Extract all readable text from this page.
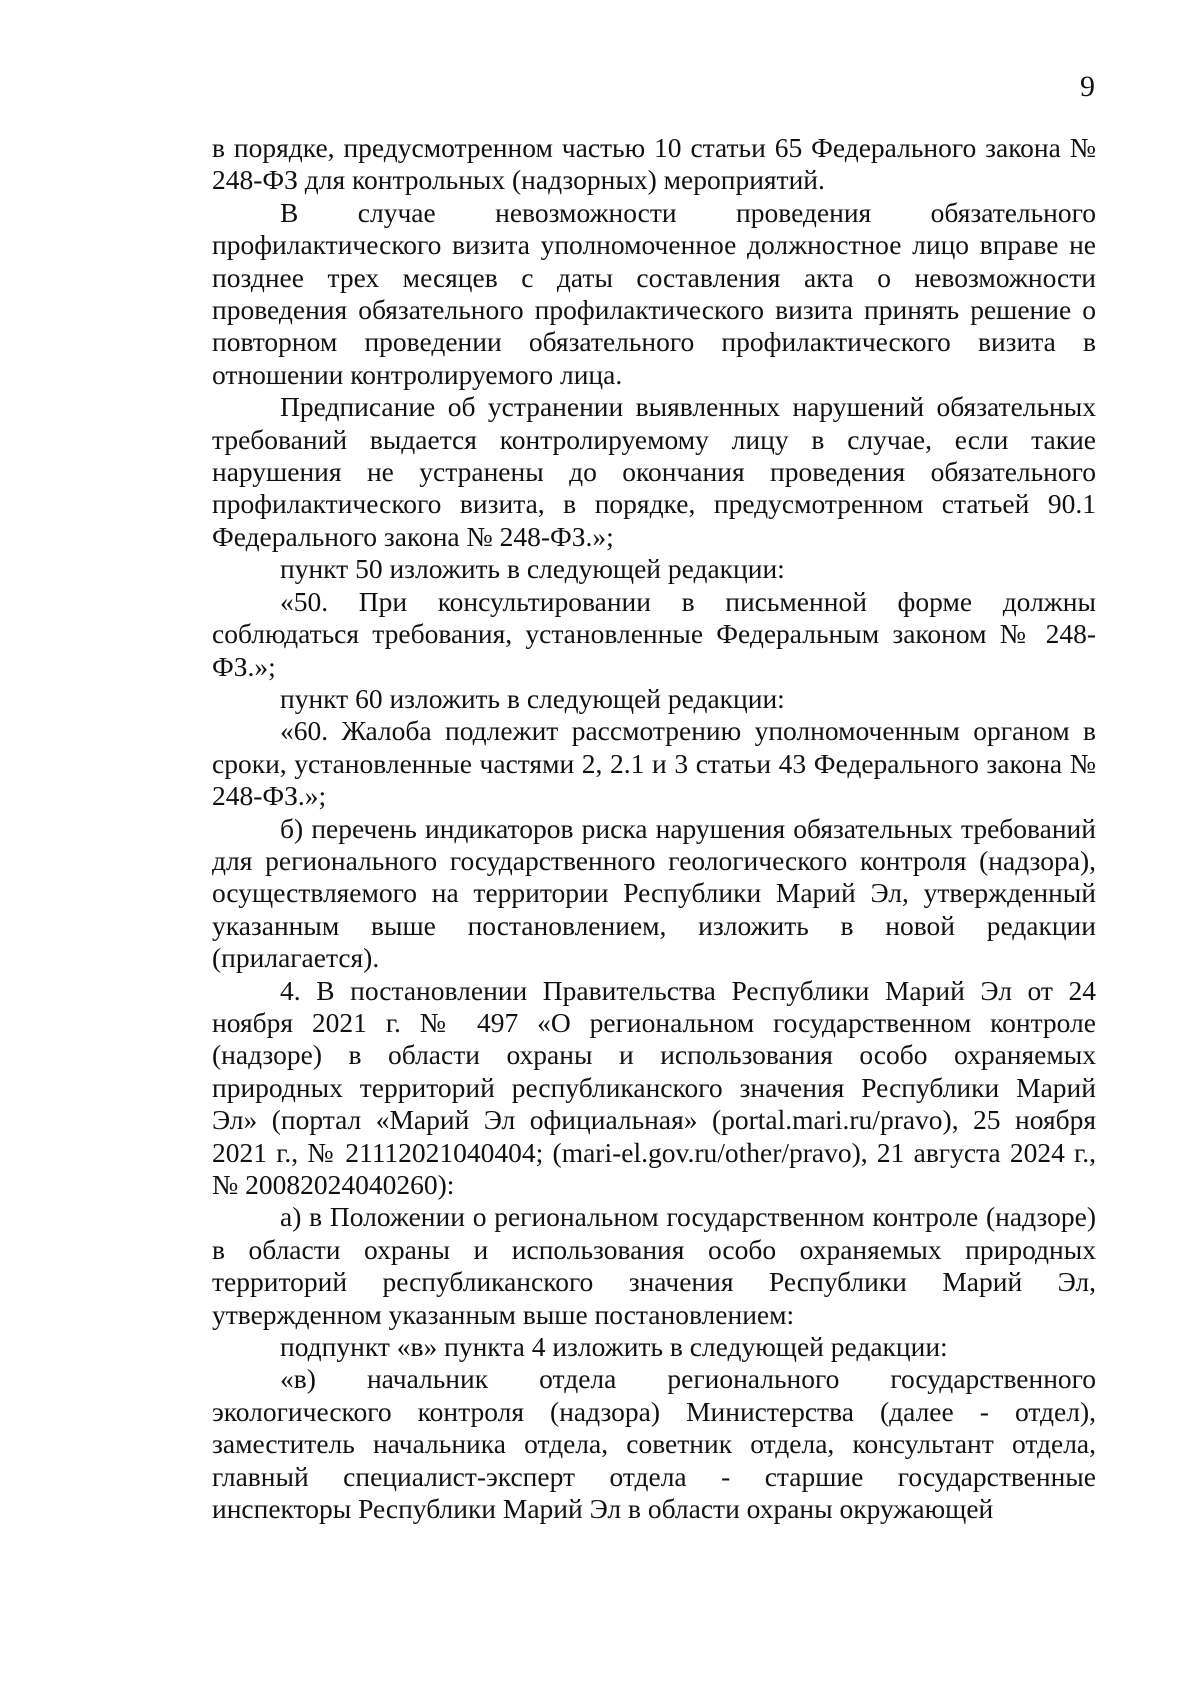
9

в порядке, предусмотренном частью 10 статьи 65 Федерального закона № 248-ФЗ для контрольных (надзорных) мероприятий.

В случае невозможности проведения обязательного профилактического визита уполномоченное должностное лицо вправе не позднее трех месяцев с даты составления акта о невозможности проведения обязательного профилактического визита принять решение о повторном проведении обязательного профилактического визита в отношении контролируемого лица.

Предписание об устранении выявленных нарушений обязательных требований выдается контролируемому лицу в случае, если такие нарушения не устранены до окончания проведения обязательного профилактического визита, в порядке, предусмотренном статьей 90.1 Федерального закона № 248-ФЗ.»;

пункт 50 изложить в следующей редакции:

«50. При консультировании в письменной форме должны соблюдаться требования, установленные Федеральным законом № 248-ФЗ.»;

пункт 60 изложить в следующей редакции:

«60. Жалоба подлежит рассмотрению уполномоченным органом в сроки, установленные частями 2, 2.1 и 3 статьи 43 Федерального закона № 248-ФЗ.»;

б) перечень индикаторов риска нарушения обязательных требований для регионального государственного геологического контроля (надзора), осуществляемого на территории Республики Марий Эл, утвержденный указанным выше постановлением, изложить в новой редакции (прилагается).

4. В постановлении Правительства Республики Марий Эл от 24 ноября 2021 г. № 497 «О региональном государственном контроле (надзоре) в области охраны и использования особо охраняемых природных территорий республиканского значения Республики Марий Эл» (портал «Марий Эл официальная» (portal.mari.ru/pravo), 25 ноября 2021 г., № 21112021040404; (mari-el.gov.ru/other/pravo), 21 августа 2024 г., № 20082024040260):

а) в Положении о региональном государственном контроле (надзоре) в области охраны и использования особо охраняемых природных территорий республиканского значения Республики Марий Эл, утвержденном указанным выше постановлением:

подпункт «в» пункта 4 изложить в следующей редакции:

«в) начальник отдела регионального государственного экологического контроля (надзора) Министерства (далее - отдел), заместитель начальника отдела, советник отдела, консультант отдела, главный специалист-эксперт отдела - старшие государственные инспекторы Республики Марий Эл в области охраны окружающей
